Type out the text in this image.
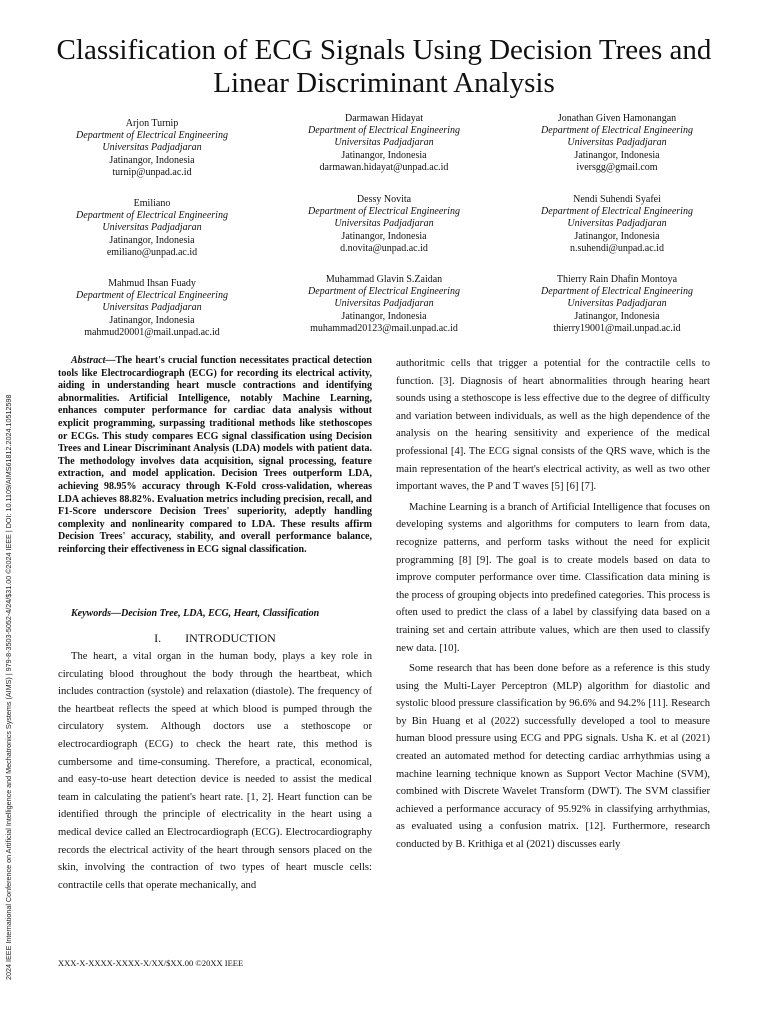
2024 IEEE International Conference on Artificial Intelligence and Mechatronics Systems (AIMS) | 979-8-3503-5052-4/24/$31.00 ©2024 IEEE | DOI: 10.1109/AIMS61812.2024.10512598
Classification of ECG Signals Using Decision Trees and Linear Discriminant Analysis
Arjon Turnip
Department of Electrical Engineering
Universitas Padjadjaran
Jatinangor, Indonesia
turnip@unpad.ac.id
Darmawan Hidayat
Department of Electrical Engineering
Universitas Padjadjaran
Jatinangor, Indonesia
darmawan.hidayat@unpad.ac.id
Jonathan Given Hamonangan
Department of Electrical Engineering
Universitas Padjadjaran
Jatinangor, Indonesia
iversgg@gmail.com
Emiliano
Department of Electrical Engineering
Universitas Padjadjaran
Jatinangor, Indonesia
emiliano@unpad.ac.id
Dessy Novita
Department of Electrical Engineering
Universitas Padjadjaran
Jatinangor, Indonesia
d.novita@unpad.ac.id
Nendi Suhendi Syafei
Department of Electrical Engineering
Universitas Padjadjaran
Jatinangor, Indonesia
n.suhendi@unpad.ac.id
Mahmud Ihsan Fuady
Department of Electrical Engineering
Universitas Padjadjaran
Jatinangor, Indonesia
mahmud20001@mail.unpad.ac.id
Muhammad Glavin S.Zaidan
Department of Electrical Engineering
Universitas Padjadjaran
Jatinangor, Indonesia
muhammad20123@mail.unpad.ac.id
Thierry Rain Dhafin Montoya
Department of Electrical Engineering
Universitas Padjadjaran
Jatinangor, Indonesia
thierry19001@mail.unpad.ac.id
Abstract—The heart's crucial function necessitates practical detection tools like Electrocardiograph (ECG) for recording its electrical activity, aiding in understanding heart muscle contractions and identifying abnormalities. Artificial Intelligence, notably Machine Learning, enhances computer performance for cardiac data analysis without explicit programming, surpassing traditional methods like stethoscopes or ECGs. This study compares ECG signal classification using Decision Trees and Linear Discriminant Analysis (LDA) models with patient data. The methodology involves data acquisition, signal processing, feature extraction, and model application. Decision Trees outperform LDA, achieving 98.95% accuracy through K-Fold cross-validation, whereas LDA achieves 88.82%. Evaluation metrics including precision, recall, and F1-Score underscore Decision Trees' superiority, adeptly handling complexity and nonlinearity compared to LDA. These results affirm Decision Trees' accuracy, stability, and overall performance balance, reinforcing their effectiveness in ECG signal classification.
Keywords—Decision Tree, LDA, ECG, Heart, Classification
I.  INTRODUCTION

The heart, a vital organ in the human body, plays a key role in circulating blood throughout the body through the heartbeat, which includes contraction (systole) and relaxation (diastole). The frequency of the heartbeat reflects the speed at which blood is pumped through the circulatory system. Although doctors use a stethoscope or electrocardiograph (ECG) to check the heart rate, this method is cumbersome and time-consuming. Therefore, a practical, economical, and easy-to-use heart detection device is needed to assist the medical team in calculating the patient's heart rate. [1, 2]. Heart function can be identified through the principle of electricality in the heart using a medical device called an Electrocardiograph (ECG). Electrocardiography records the electrical activity of the heart through sensors placed on the skin, involving the contraction of two types of heart muscle cells: contractile cells that operate mechanically, and

authoritmic cells that trigger a potential for the contractile cells to function. [3]. Diagnosis of heart abnormalities through hearing heart sounds using a stethoscope is less effective due to the degree of difficulty and variation between individuals, as well as the high dependence of the analysis on the hearing sensitivity and experience of the medical professional [4]. The ECG signal consists of the QRS wave, which is the main representation of the heart's electrical activity, as well as two other important waves, the P and T waves [5] [6] [7].

Machine Learning is a branch of Artificial Intelligence that focuses on developing systems and algorithms for computers to learn from data, recognize patterns, and perform tasks without the need for explicit programming [8] [9]. The goal is to create models based on data to improve computer performance over time. Classification data mining is the process of grouping objects into predefined categories. This process is often used to predict the class of a label by classifying data based on a training set and certain attribute values, which are then used to classify new data. [10].

Some research that has been done before as a reference is this study using the Multi-Layer Perceptron (MLP) algorithm for diastolic and systolic blood pressure classification by 96.6% and 94.2% [11]. Research by Bin Huang et al (2022) successfully developed a tool to measure human blood pressure using ECG and PPG signals. Usha K. et al (2021) created an automated method for detecting cardiac arrhythmias using a machine learning technique known as Support Vector Machine (SVM), combined with Discrete Wavelet Transform (DWT). The SVM classifier achieved a performance accuracy of 95.92% in classifying arrhythmias, as evaluated using a confusion matrix. [12]. Furthermore, research conducted by B. Krithiga et al (2021) discusses early

XXX-X-XXXX-XXXX-X/XX/$XX.00 ©20XX IEEE
